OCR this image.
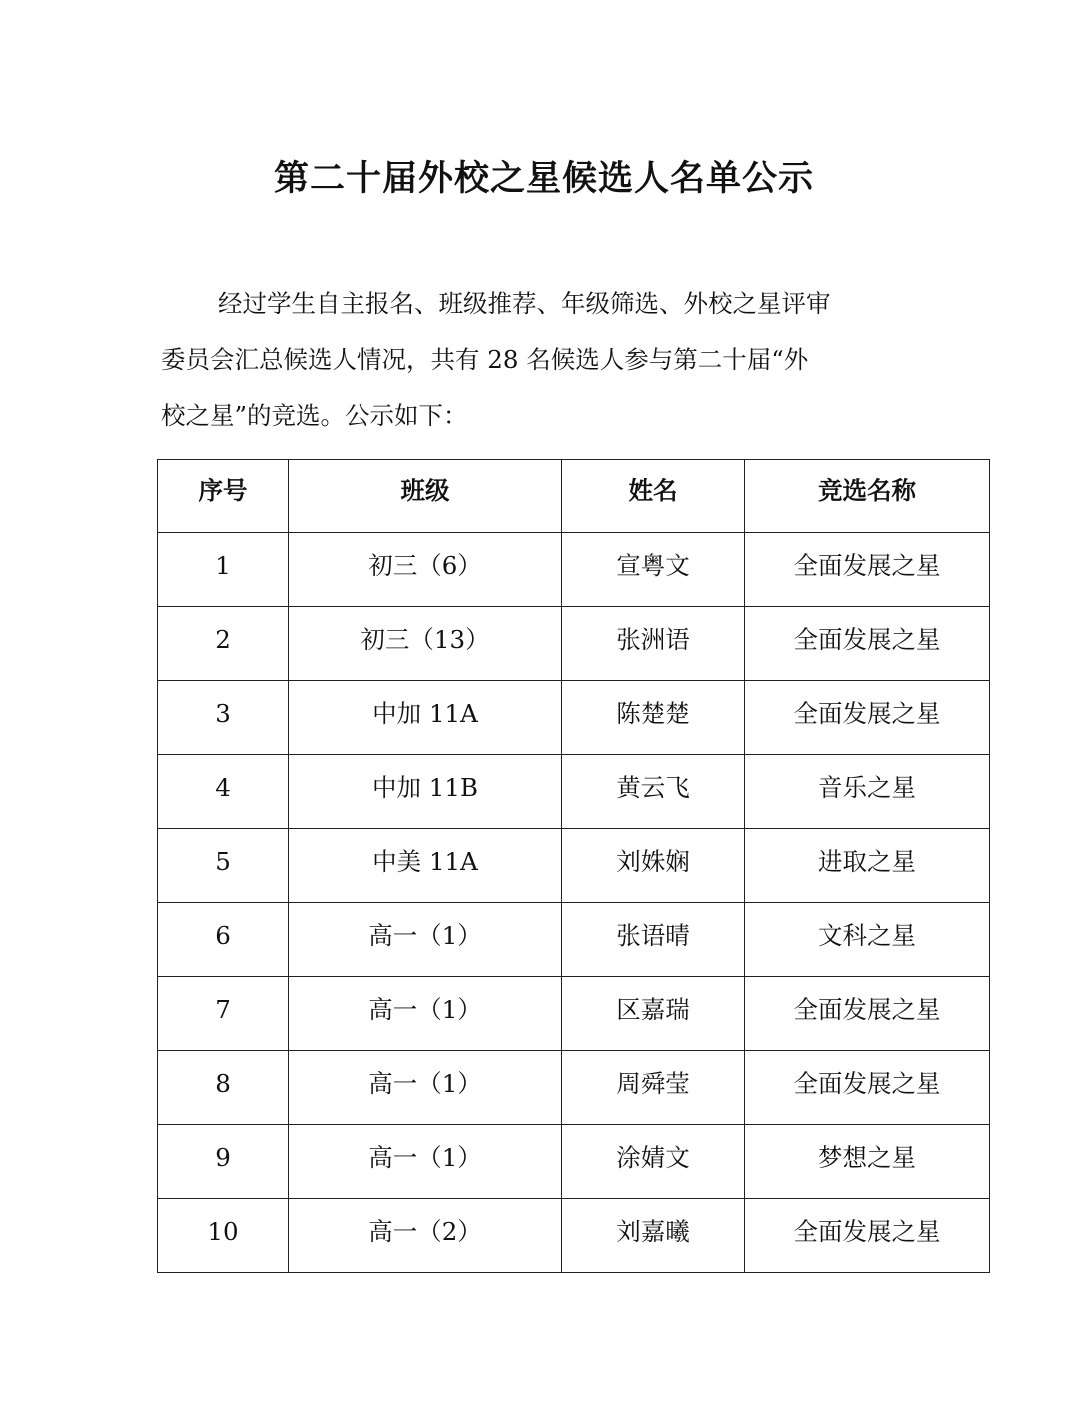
第二十届外校之星候选人名单公示
经过学生自主报名、班级推荐、年级筛选、外校之星评审
委员会汇总候选人情况，共有 28 名候选人参与第二十届“外
校之星”的竞选。公示如下：
序号	班级	姓名	竞选名称
1	初三（6）	宣粤文	全面发展之星
2	初三（13）	张洲语	全面发展之星
3	中加 11A	陈楚楚	全面发展之星
4	中加 11B	黄云飞	音乐之星
5	中美 11A	刘姝娴	进取之星
6	高一（1）	张语晴	文科之星
7	高一（1）	区嘉瑞	全面发展之星
8	高一（1）	周舜莹	全面发展之星
9	高一（1）	涂婧文	梦想之星
10	高一（2）	刘嘉曦	全面发展之星
